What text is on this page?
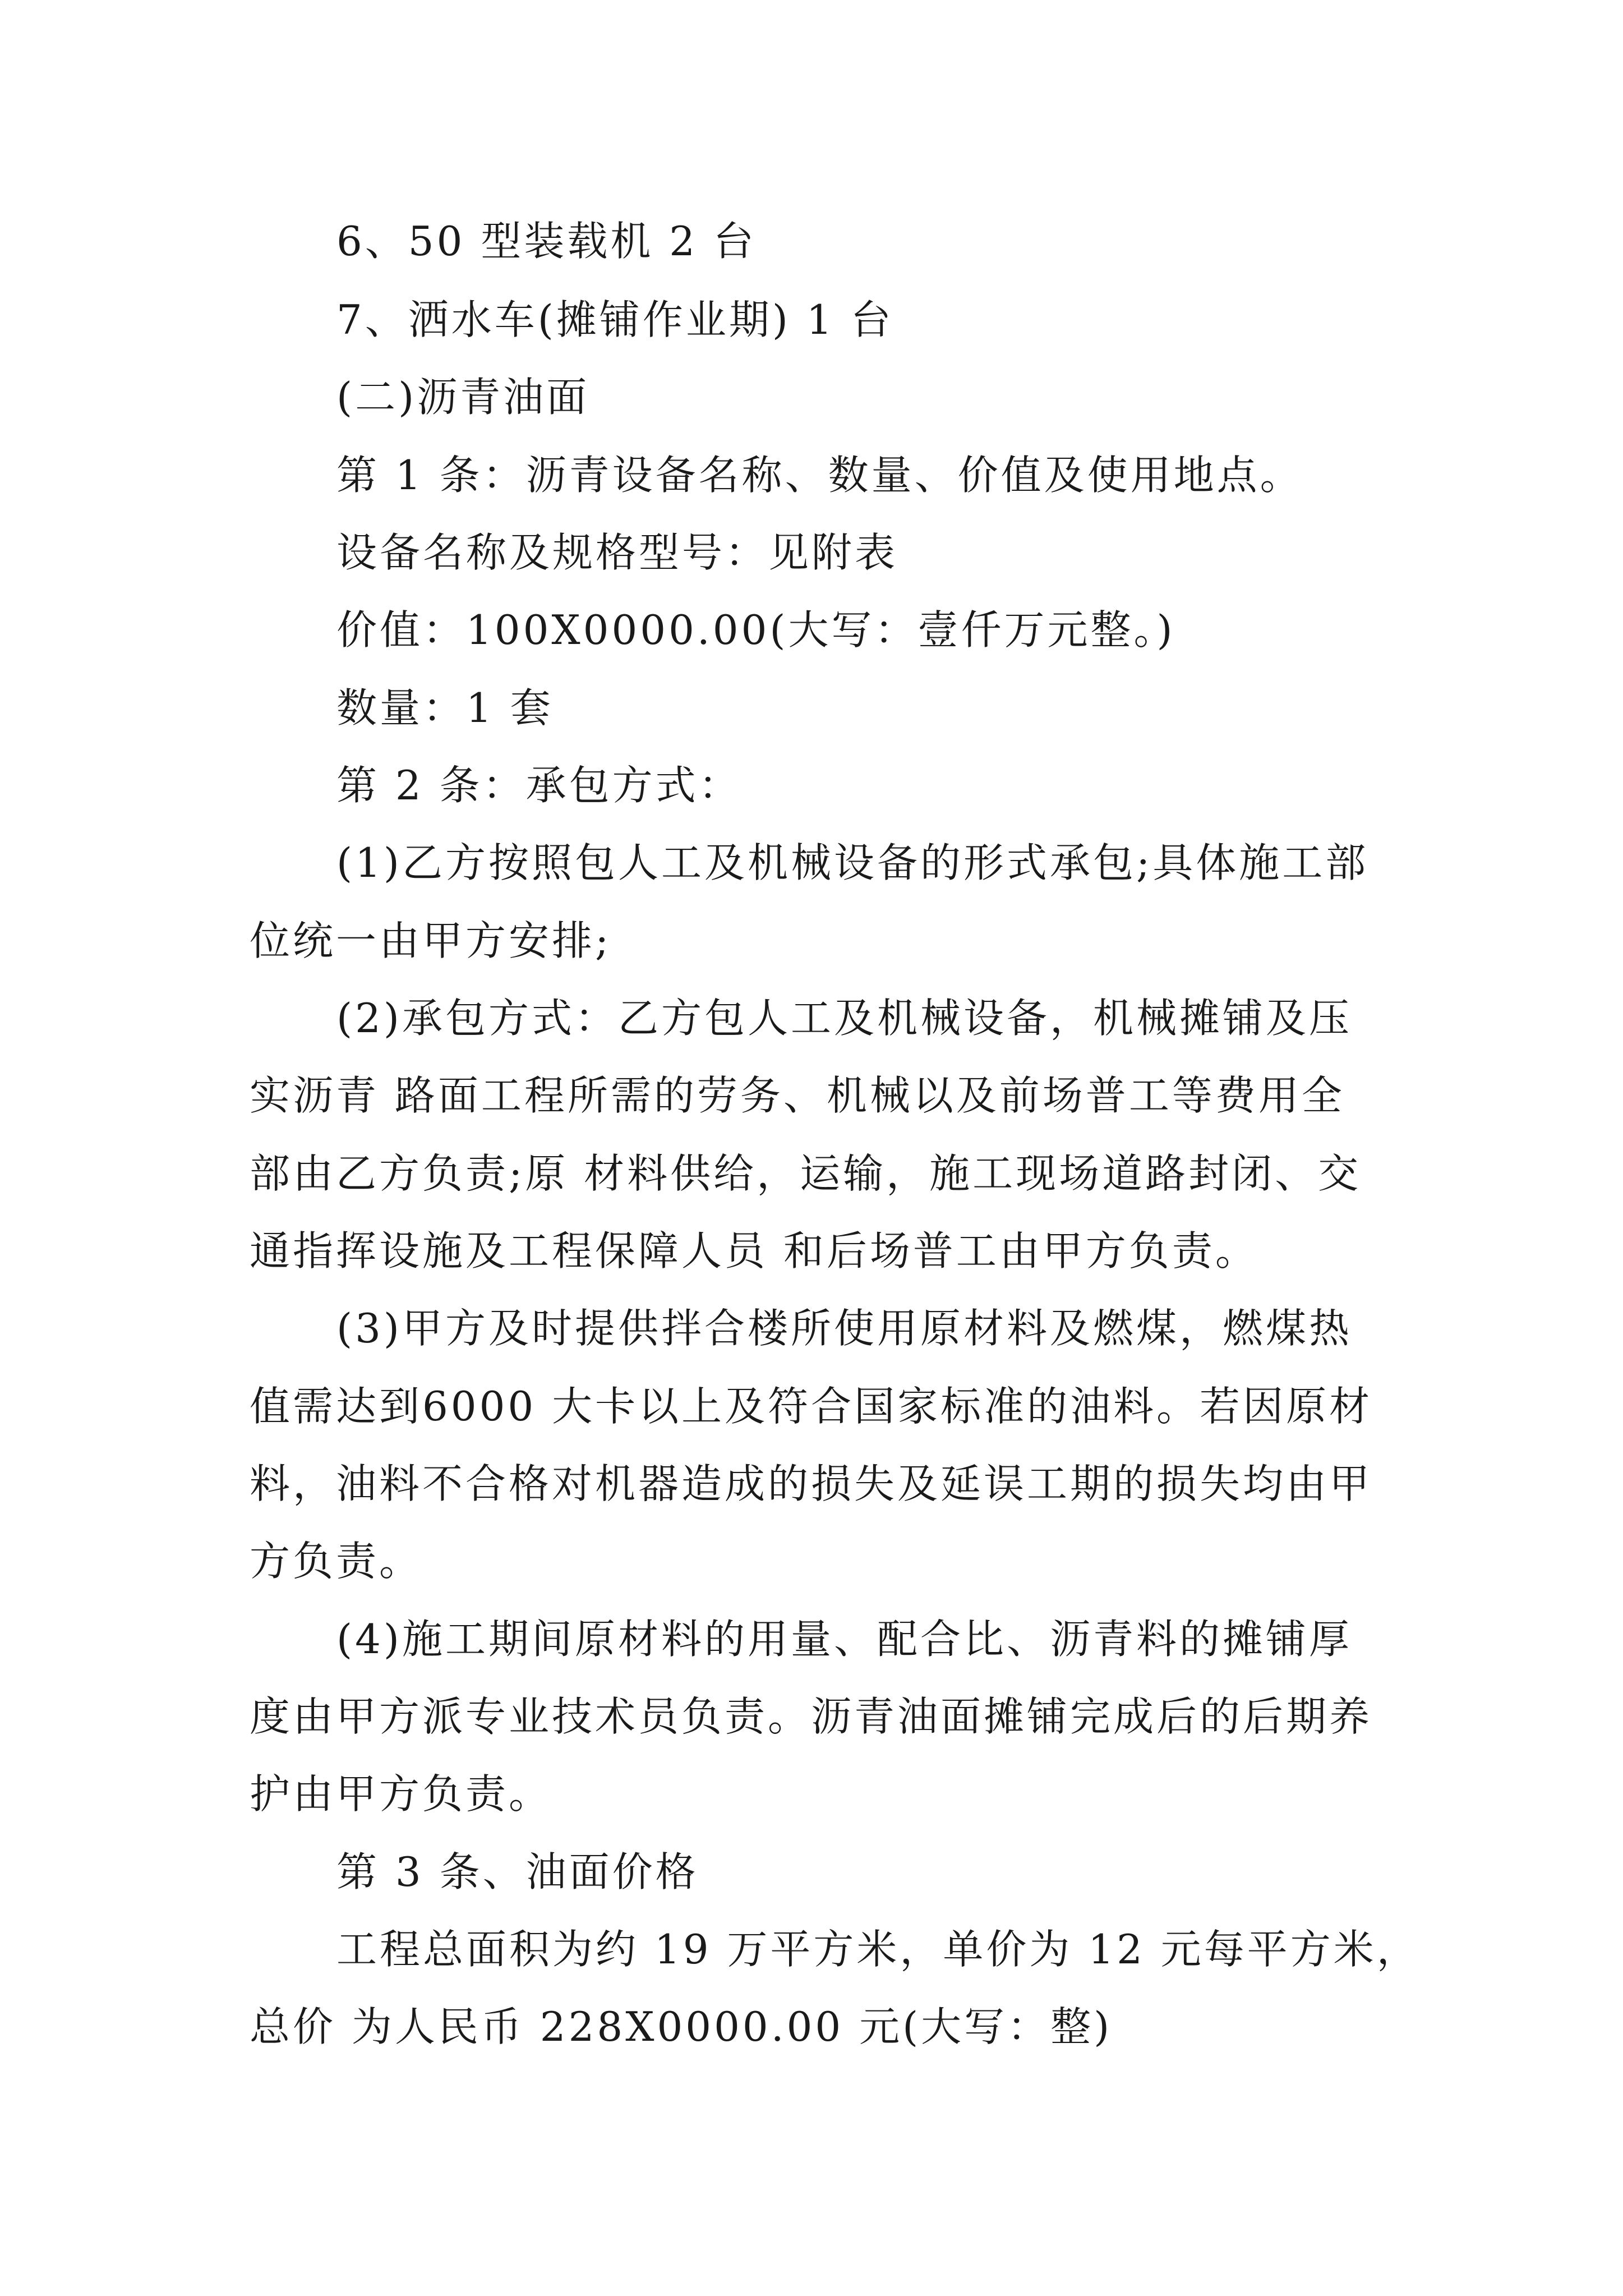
6、50 型装载机 2 台
7、洒水车(摊铺作业期) 1 台
(二)沥青油面
第 1 条：沥青设备名称、数量、价值及使用地点。
设备名称及规格型号：见附表
价值：100X0000.00(大写：壹仟万元整。)
数量：1 套
第 2 条：承包方式：
(1)乙方按照包人工及机械设备的形式承包;具体施工部
位统一由甲方安排;
(2)承包方式：乙方包人工及机械设备，机械摊铺及压
实沥青 路面工程所需的劳务、机械以及前场普工等费用全
部由乙方负责;原 材料供给，运输，施工现场道路封闭、交
通指挥设施及工程保障人员 和后场普工由甲方负责。
(3)甲方及时提供拌合楼所使用原材料及燃煤，燃煤热
值需达到6000 大卡以上及符合国家标准的油料。若因原材
料，油料不合格对机器造成的损失及延误工期的损失均由甲
方负责。
(4)施工期间原材料的用量、配合比、沥青料的摊铺厚
度由甲方派专业技术员负责。沥青油面摊铺完成后的后期养
护由甲方负责。
第 3 条、油面价格
工程总面积为约 19 万平方米，单价为 12 元每平方米，
总价 为人民币 228X0000.00 元(大写：整)
